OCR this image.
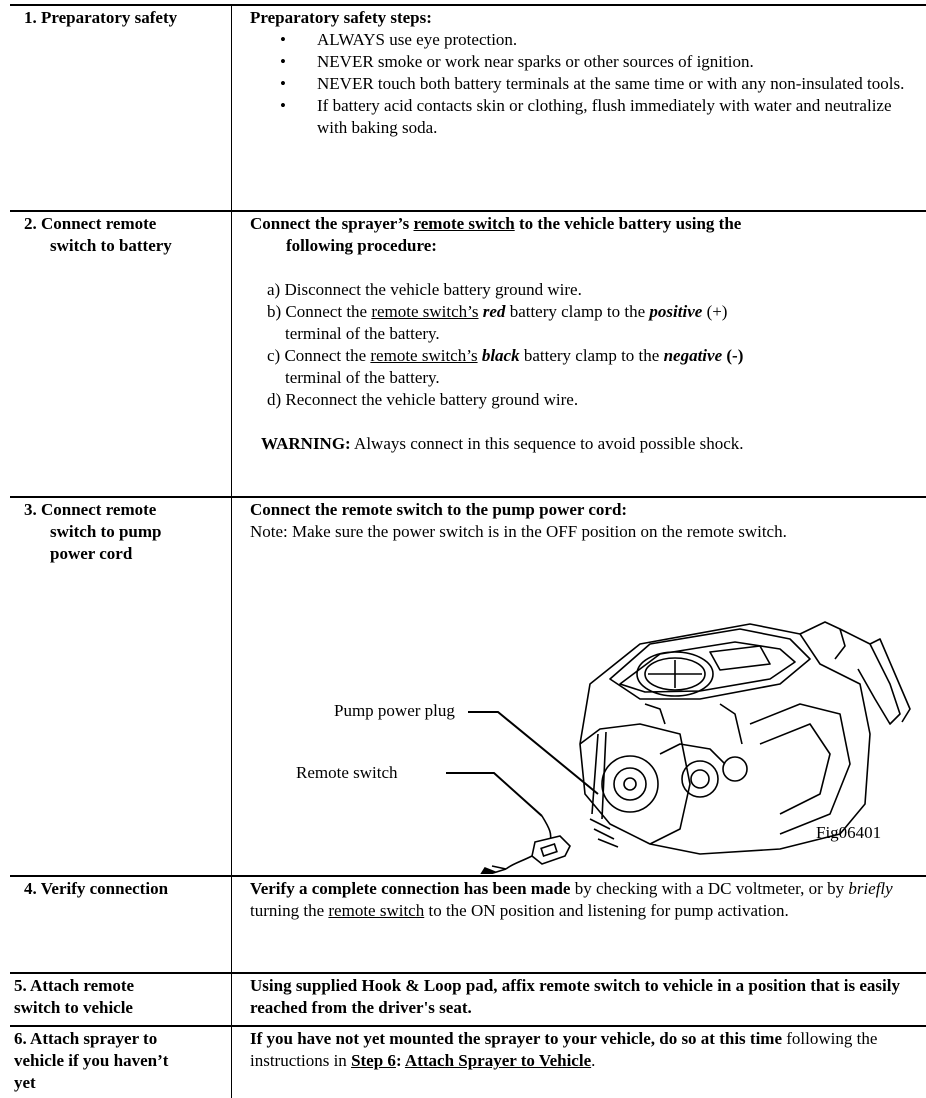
1. Preparatory safety	Preparatory safety steps:
• ALWAYS use eye protection.
• NEVER smoke or work near sparks or other sources of ignition.
• NEVER touch both battery terminals at the same time or with any non-insulated tools.
• If battery acid contacts skin or clothing, flush immediately with water and neutralize with baking soda.
2. Connect remote
switch to battery
Connect the sprayer’s remote switch to the vehicle battery using the
following procedure:
a) Disconnect the vehicle battery ground wire.
b) Connect the remote switch’s red battery clamp to the positive (+)
terminal of the battery.
c) Connect the remote switch’s black battery clamp to the negative (-)
terminal of the battery.
d) Reconnect the vehicle battery ground wire.
WARNING: Always connect in this sequence to avoid possible shock.
3. Connect remote
switch to pump
power cord
Connect the remote switch to the pump power cord:
Note: Make sure the power switch is in the OFF position on the remote switch.
Pump power plug
Remote switch
Fig06401
4. Verify connection	Verify a complete connection has been made by checking with a DC voltmeter, or by briefly turning the remote switch to the ON position and listening for pump activation.
5. Attach remote
switch to vehicle
Using supplied Hook & Loop pad, affix remote switch to vehicle in a position that is easily reached from the driver's seat.
6. Attach sprayer to
vehicle if you haven’t
yet
If you have not yet mounted the sprayer to your vehicle, do so at this time following the instructions in Step 6: Attach Sprayer to Vehicle.
